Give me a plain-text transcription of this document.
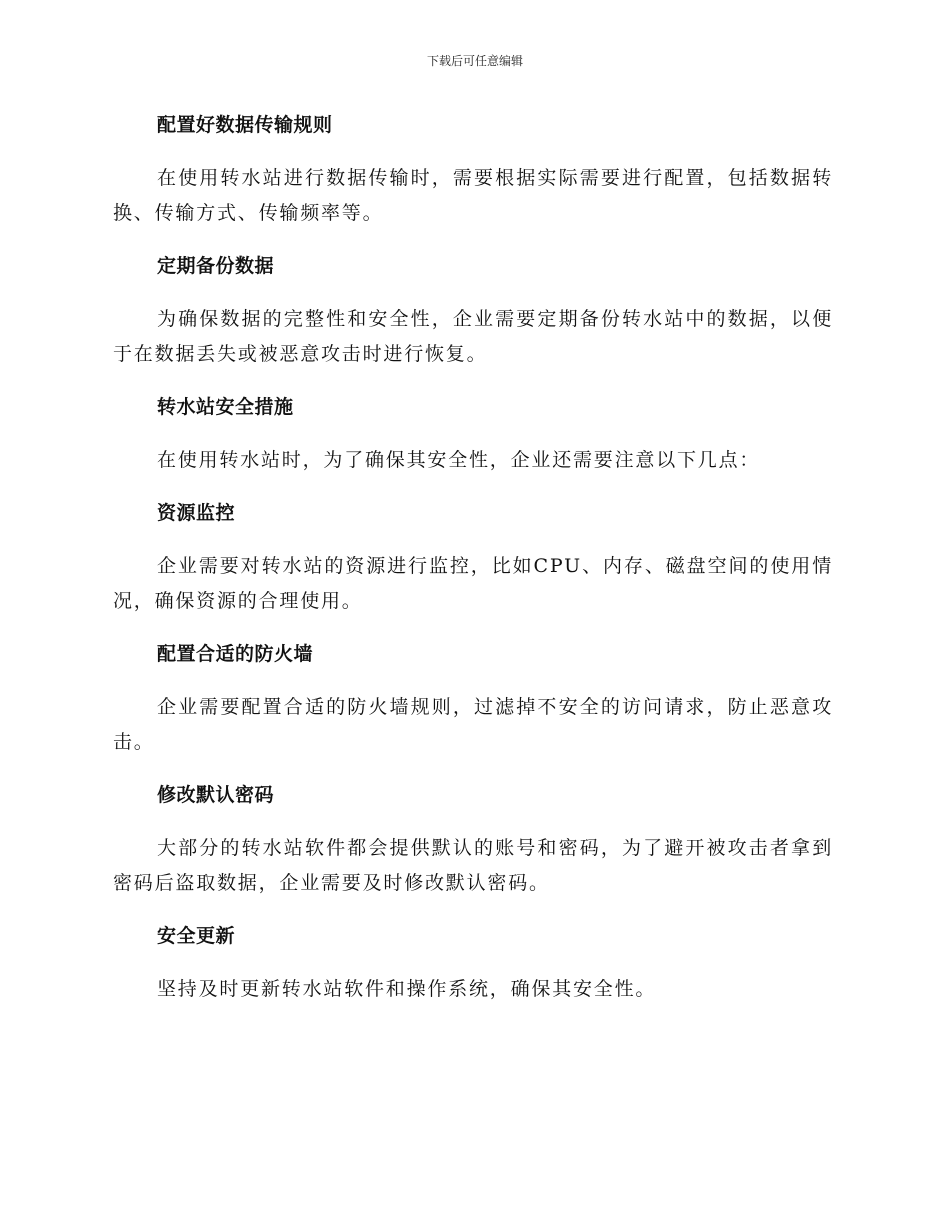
下载后可任意编辑
配置好数据传输规则
在使用转水站进行数据传输时，需要根据实际需要进行配置，包括数据转换、传输方式、传输频率等。
定期备份数据
为确保数据的完整性和安全性，企业需要定期备份转水站中的数据，以便于在数据丢失或被恶意攻击时进行恢复。
转水站安全措施
在使用转水站时，为了确保其安全性，企业还需要注意以下几点：
资源监控
企业需要对转水站的资源进行监控，比如CPU、内存、磁盘空间的使用情况，确保资源的合理使用。
配置合适的防火墙
企业需要配置合适的防火墙规则，过滤掉不安全的访问请求，防止恶意攻击。
修改默认密码
大部分的转水站软件都会提供默认的账号和密码，为了避开被攻击者拿到密码后盗取数据，企业需要及时修改默认密码。
安全更新
坚持及时更新转水站软件和操作系统，确保其安全性。
